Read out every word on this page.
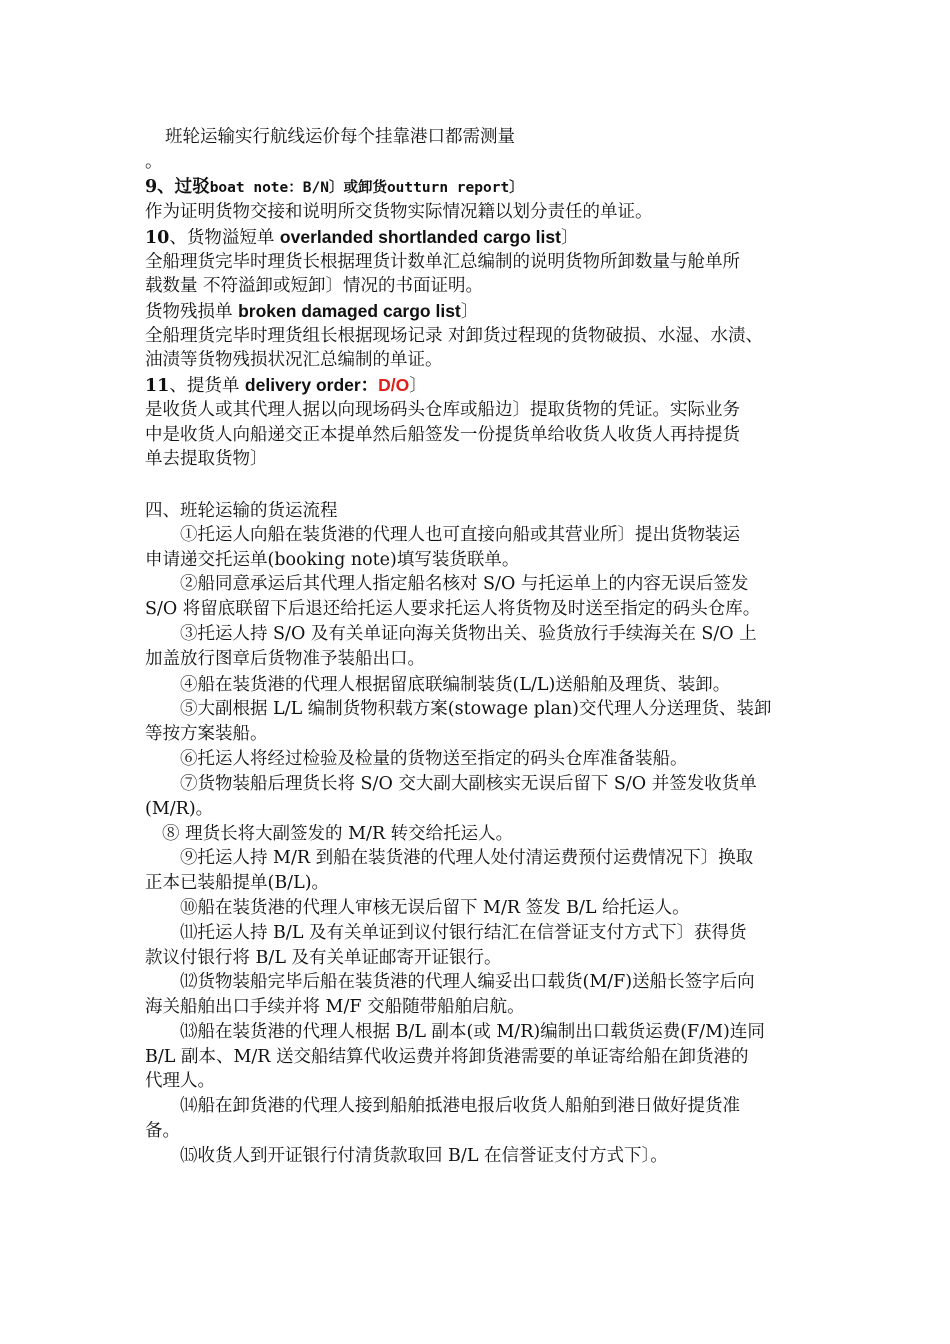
班轮运输实行航线运价每个挂靠港口都需测量
。
9、过驳boat note：B/N〕或卸货outturn report〕
作为证明货物交接和说明所交货物实际情况籍以划分责任的单证。
10、货物溢短单 overlanded shortlanded cargo list〕
全船理货完毕时理货长根据理货计数单汇总编制的说明货物所卸数量与舱单所
载数量 不符溢卸或短卸〕情况的书面证明。
货物残损单 broken damaged cargo list〕
全船理货完毕时理货组长根据现场记录 对卸货过程现的货物破损、水湿、水渍、
油渍等货物残损状况汇总编制的单证。
11、提货单 delivery order：D/O〕
是收货人或其代理人据以向现场码头仓库或船边〕提取货物的凭证。实际业务
中是收货人向船递交正本提单然后船签发一份提货单给收货人收货人再持提货
单去提取货物〕
四、班轮运输的货运流程
①托运人向船在装货港的代理人也可直接向船或其营业所〕提出货物装运
申请递交托运单(booking note)填写装货联单。
②船同意承运后其代理人指定船名核对 S/O 与托运单上的内容无误后签发
S/O 将留底联留下后退还给托运人要求托运人将货物及时送至指定的码头仓库。
③托运人持 S/O 及有关单证向海关货物出关、验货放行手续海关在 S/O 上
加盖放行图章后货物准予装船出口。
④船在装货港的代理人根据留底联编制装货(L/L)送船舶及理货、装卸。
⑤大副根据 L/L 编制货物积载方案(stowage plan)交代理人分送理货、装卸
等按方案装船。
⑥托运人将经过检验及检量的货物送至指定的码头仓库准备装船。
⑦货物装船后理货长将 S/O 交大副大副核实无误后留下 S/O 并签发收货单
(M/R)。
⑧ 理货长将大副签发的 M/R 转交给托运人。
⑨托运人持 M/R 到船在装货港的代理人处付清运费预付运费情况下〕换取
正本已装船提单(B/L)。
⑩船在装货港的代理人审核无误后留下 M/R 签发 B/L 给托运人。
⑾托运人持 B/L 及有关单证到议付银行结汇在信誉证支付方式下〕获得货
款议付银行将 B/L 及有关单证邮寄开证银行。
⑿货物装船完毕后船在装货港的代理人编妥出口载货(M/F)送船长签字后向
海关船舶出口手续并将 M/F 交船随带船舶启航。
⒀船在装货港的代理人根据 B/L 副本(或 M/R)编制出口载货运费(F/M)连同
B/L 副本、M/R 送交船结算代收运费并将卸货港需要的单证寄给船在卸货港的
代理人。
⒁船在卸货港的代理人接到船舶抵港电报后收货人船舶到港日做好提货准
备。
⒂收货人到开证银行付清货款取回 B/L 在信誉证支付方式下〕。
